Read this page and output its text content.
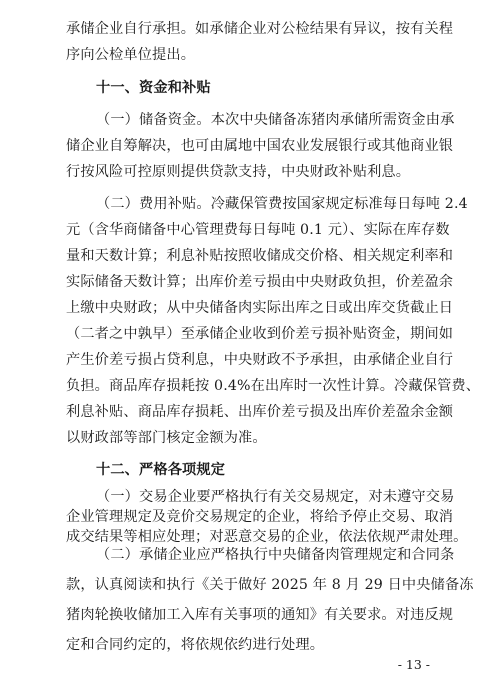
承储企业自行承担。如承储企业对公检结果有异议，按有关程
序向公检单位提出。
十一、资金和补贴
（一）储备资金。本次中央储备冻猪肉承储所需资金由承
储企业自筹解决，也可由属地中国农业发展银行或其他商业银
行按风险可控原则提供贷款支持，中央财政补贴利息。
（二）费用补贴。冷藏保管费按国家规定标准每日每吨 2.4
元（含华商储备中心管理费每日每吨 0.1 元）、实际在库存数
量和天数计算；利息补贴按照收储成交价格、相关规定利率和
实际储备天数计算；出库价差亏损由中央财政负担，价差盈余
上缴中央财政；从中央储备肉实际出库之日或出库交货截止日
（二者之中孰早）至承储企业收到价差亏损补贴资金，期间如
产生价差亏损占贷利息，中央财政不予承担，由承储企业自行
负担。商品库存损耗按 0.4%在出库时一次性计算。冷藏保管费、
利息补贴、商品库存损耗、出库价差亏损及出库价差盈余金额
以财政部等部门核定金额为准。
十二、严格各项规定
（一）交易企业要严格执行有关交易规定，对未遵守交易
企业管理规定及竞价交易规定的企业，将给予停止交易、取消
成交结果等相应处理；对恶意交易的企业，依法依规严肃处理。
- 13 -
（二）承储企业应严格执行中央储备肉管理规定和合同条
款，认真阅读和执行《关于做好 2025 年 8 月 29 日中央储备冻
猪肉轮换收储加工入库有关事项的通知》有关要求。对违反规
定和合同约定的，将依规依约进行处理。
